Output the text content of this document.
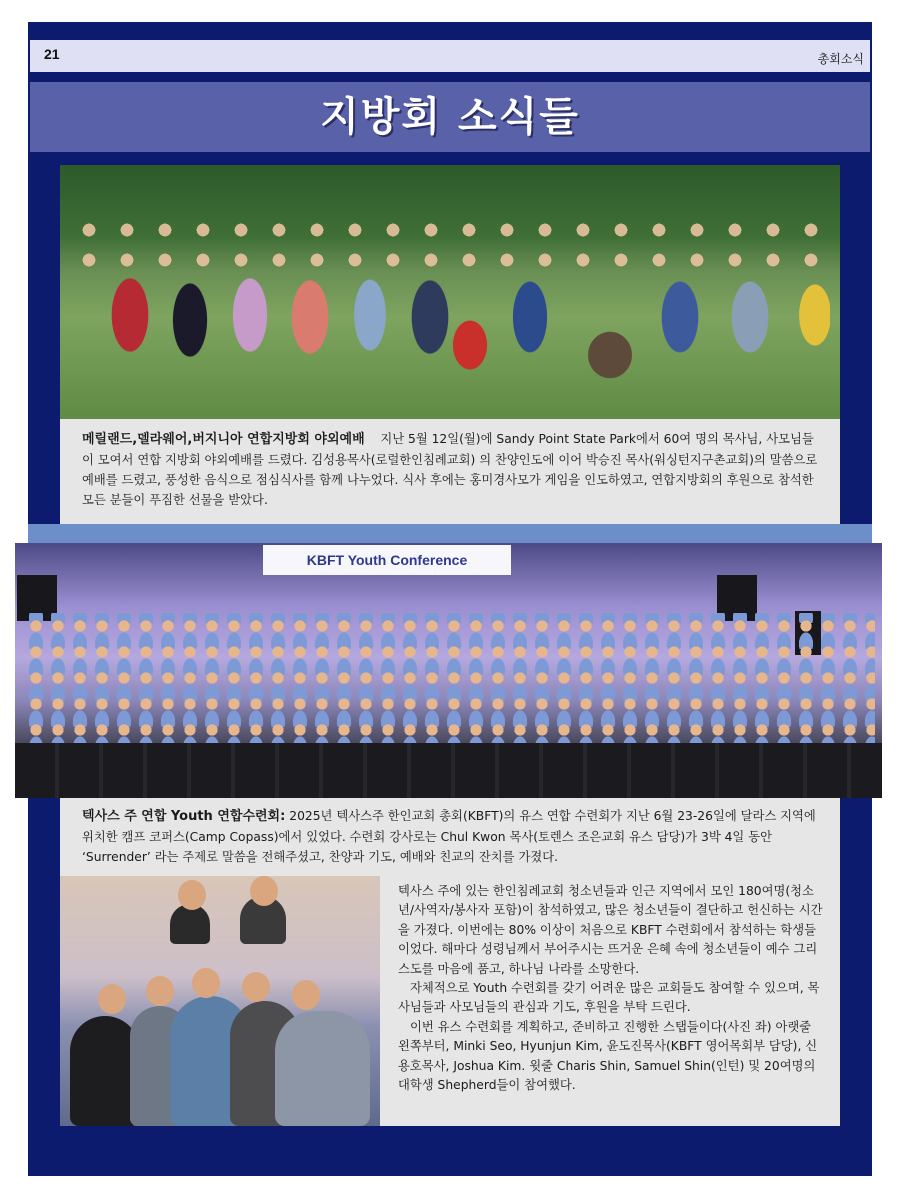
21	총회소식
지방회 소식들
메릴랜드,델라웨어,버지니아 연합지방회 야외예배 지난 5월 12일(월)에 Sandy Point State Park에서 60여 명의 목사님, 사모님들이 모여서 연합 지방회 야외예배를 드렸다. 김성용목사(로럴한인침례교회) 의 찬양인도에 이어 박승진 목사(워싱턴지구촌교회)의 말씀으로 예배를 드렸고, 풍성한 음식으로 점심식사를 함께 나누었다. 식사 후에는 홍미경사모가 게임을 인도하였고, 연합지방회의 후원으로 참석한 모든 분들이 푸짐한 선물을 받았다.
KBFT Youth Conference
텍사스 주 연합 Youth 연합수련회: 2025년 텍사스주 한인교회 총회(KBFT)의 유스 연합 수련회가 지난 6월 23-26일에 달라스 지역에 위치한 캠프 코퍼스(Camp Copass)에서 있었다. 수련회 강사로는 Chul Kwon 목사(토렌스 조은교회 유스 담당)가 3박 4일 동안 ‘Surrender’ 라는 주제로 말씀을 전해주셨고, 찬양과 기도, 예배와 친교의 잔치를 가졌다.

텍사스 주에 있는 한인침례교회 청소년들과 인근 지역에서 모인 180여명(청소년/사역자/봉사자 포함)이 참석하였고, 많은 청소년들이 결단하고 헌신하는 시간을 가졌다. 이번에는 80% 이상이 처음으로 KBFT 수련회에서 참석하는 학생들이었다. 해마다 성령님께서 부어주시는 뜨거운 은혜 속에 청소년들이 예수 그리스도를 마음에 품고, 하나님 나라를 소망한다.

자체적으로 Youth 수련회를 갖기 어려운 많은 교회들도 참여할 수 있으며, 목사님들과 사모님들의 관심과 기도, 후원을 부탁 드린다.

이번 유스 수련회를 계획하고, 준비하고 진행한 스탭들이다(사진 좌) 아랫줄 왼쪽부터, Minki Seo, Hyunjun Kim, 윤도진목사(KBFT 영어목회부 담당), 신용호목사, Joshua Kim. 윗줄 Charis Shin, Samuel Shin(인턴) 및 20여명의 대학생 Shepherd들이 참여했다.
